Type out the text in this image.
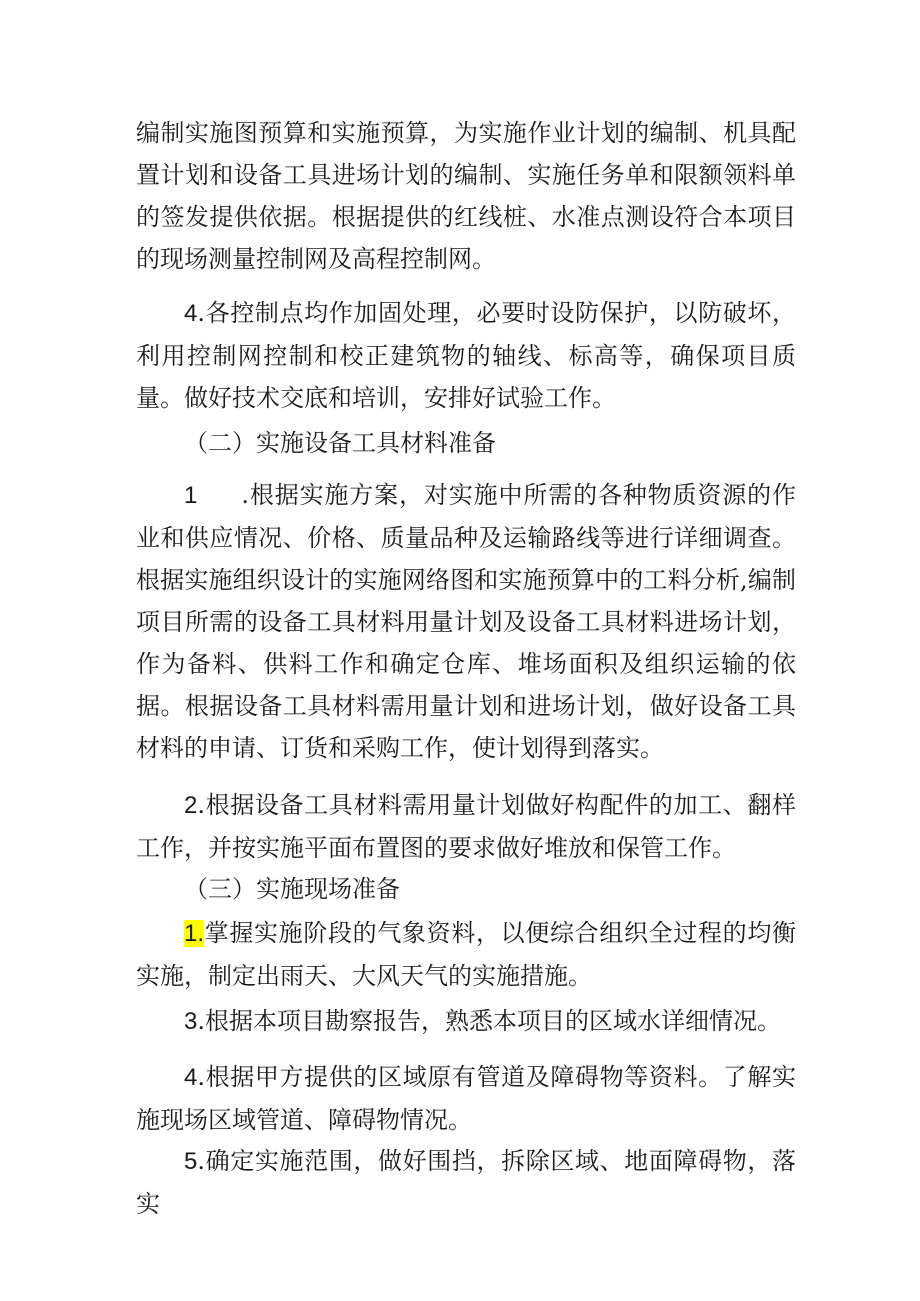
编制实施图预算和实施预算，为实施作业计划的编制、机具配置计划和设备工具进场计划的编制、实施任务单和限额领料单的签发提供依据。根据提供的红线桩、水准点测设符合本项目的现场测量控制网及高程控制网。

4.各控制点均作加固处理，必要时设防保护，以防破坏，利用控制网控制和校正建筑物的轴线、标高等，确保项目质量。做好技术交底和培训，安排好试验工作。

（二）实施设备工具材料准备

1 .根据实施方案，对实施中所需的各种物质资源的作业和供应情况、价格、质量品种及运输路线等进行详细调查。根据实施组织设计的实施网络图和实施预算中的工料分析,编制项目所需的设备工具材料用量计划及设备工具材料进场计划，作为备料、供料工作和确定仓库、堆场面积及组织运输的依据。根据设备工具材料需用量计划和进场计划，做好设备工具材料的申请、订货和采购工作，使计划得到落实。

2.根据设备工具材料需用量计划做好构配件的加工、翻样工作，并按实施平面布置图的要求做好堆放和保管工作。

（三）实施现场准备

1.掌握实施阶段的气象资料，以便综合组织全过程的均衡实施，制定出雨天、大风天气的实施措施。

3.根据本项目勘察报告，熟悉本项目的区域水详细情况。

4.根据甲方提供的区域原有管道及障碍物等资料。了解实施现场区域管道、障碍物情况。

5.确定实施范围，做好围挡，拆除区域、地面障碍物，落实
